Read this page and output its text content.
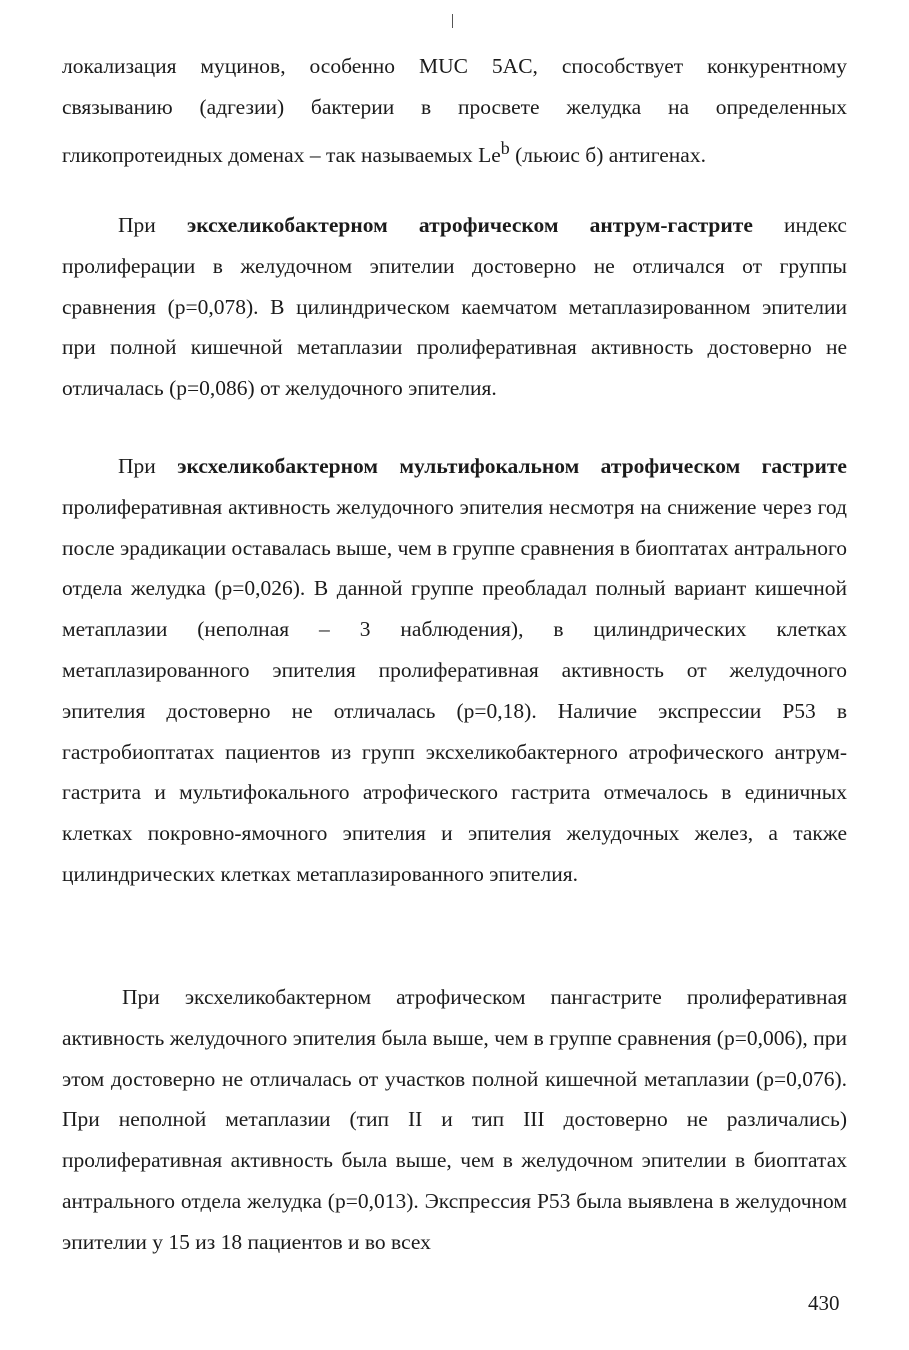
локализация муцинов, особенно MUC 5AC, способствует конкурентному связыванию (адгезии) бактерии в просвете желудка на определенных гликопротеидных доменах – так называемых Le$^b$ (льюис б) антигенах.

При эксхеликобактерном атрофическом антрум-гастрите индекс пролиферации в желудочном эпителии достоверно не отличался от группы сравнения (р=0,078). В цилиндрическом каемчатом метаплазированном эпителии при полной кишечной метаплазии пролиферативная активность достоверно не отличалась (р=0,086) от желудочного эпителия.

При эксхеликобактерном мультифокальном атрофическом гастрите пролиферативная активность желудочного эпителия несмотря на снижение через год после эрадикации оставалась выше, чем в группе сравнения в биоптатах антрального отдела желудка (р=0,026). В данной группе преобладал полный вариант кишечной метаплазии (неполная – 3 наблюдения), в цилиндрических клетках метаплазированного эпителия пролиферативная активность от желудочного эпителия достоверно не отличалась (р=0,18). Наличие экспрессии P53 в гастробиоптатах пациентов из групп эксхеликобактерного атрофического антрум-гастрита и мультифокального атрофического гастрита отмечалось в единичных клетках покровно-ямочного эпителия и эпителия желудочных желез, а также цилиндрических клетках метаплазированного эпителия.

При эксхеликобактерном атрофическом пангастрите пролиферативная активность желудочного эпителия была выше, чем в группе сравнения (р=0,006), при этом достоверно не отличалась от участков полной кишечной метаплазии (р=0,076). При неполной метаплазии (тип II и тип III достоверно не различались) пролиферативная активность была выше, чем в желудочном эпителии в биоптатах антрального отдела желудка (р=0,013). Экспрессия P53 была выявлена в желудочном эпителии у 15 из 18 пациентов и во всех

430
